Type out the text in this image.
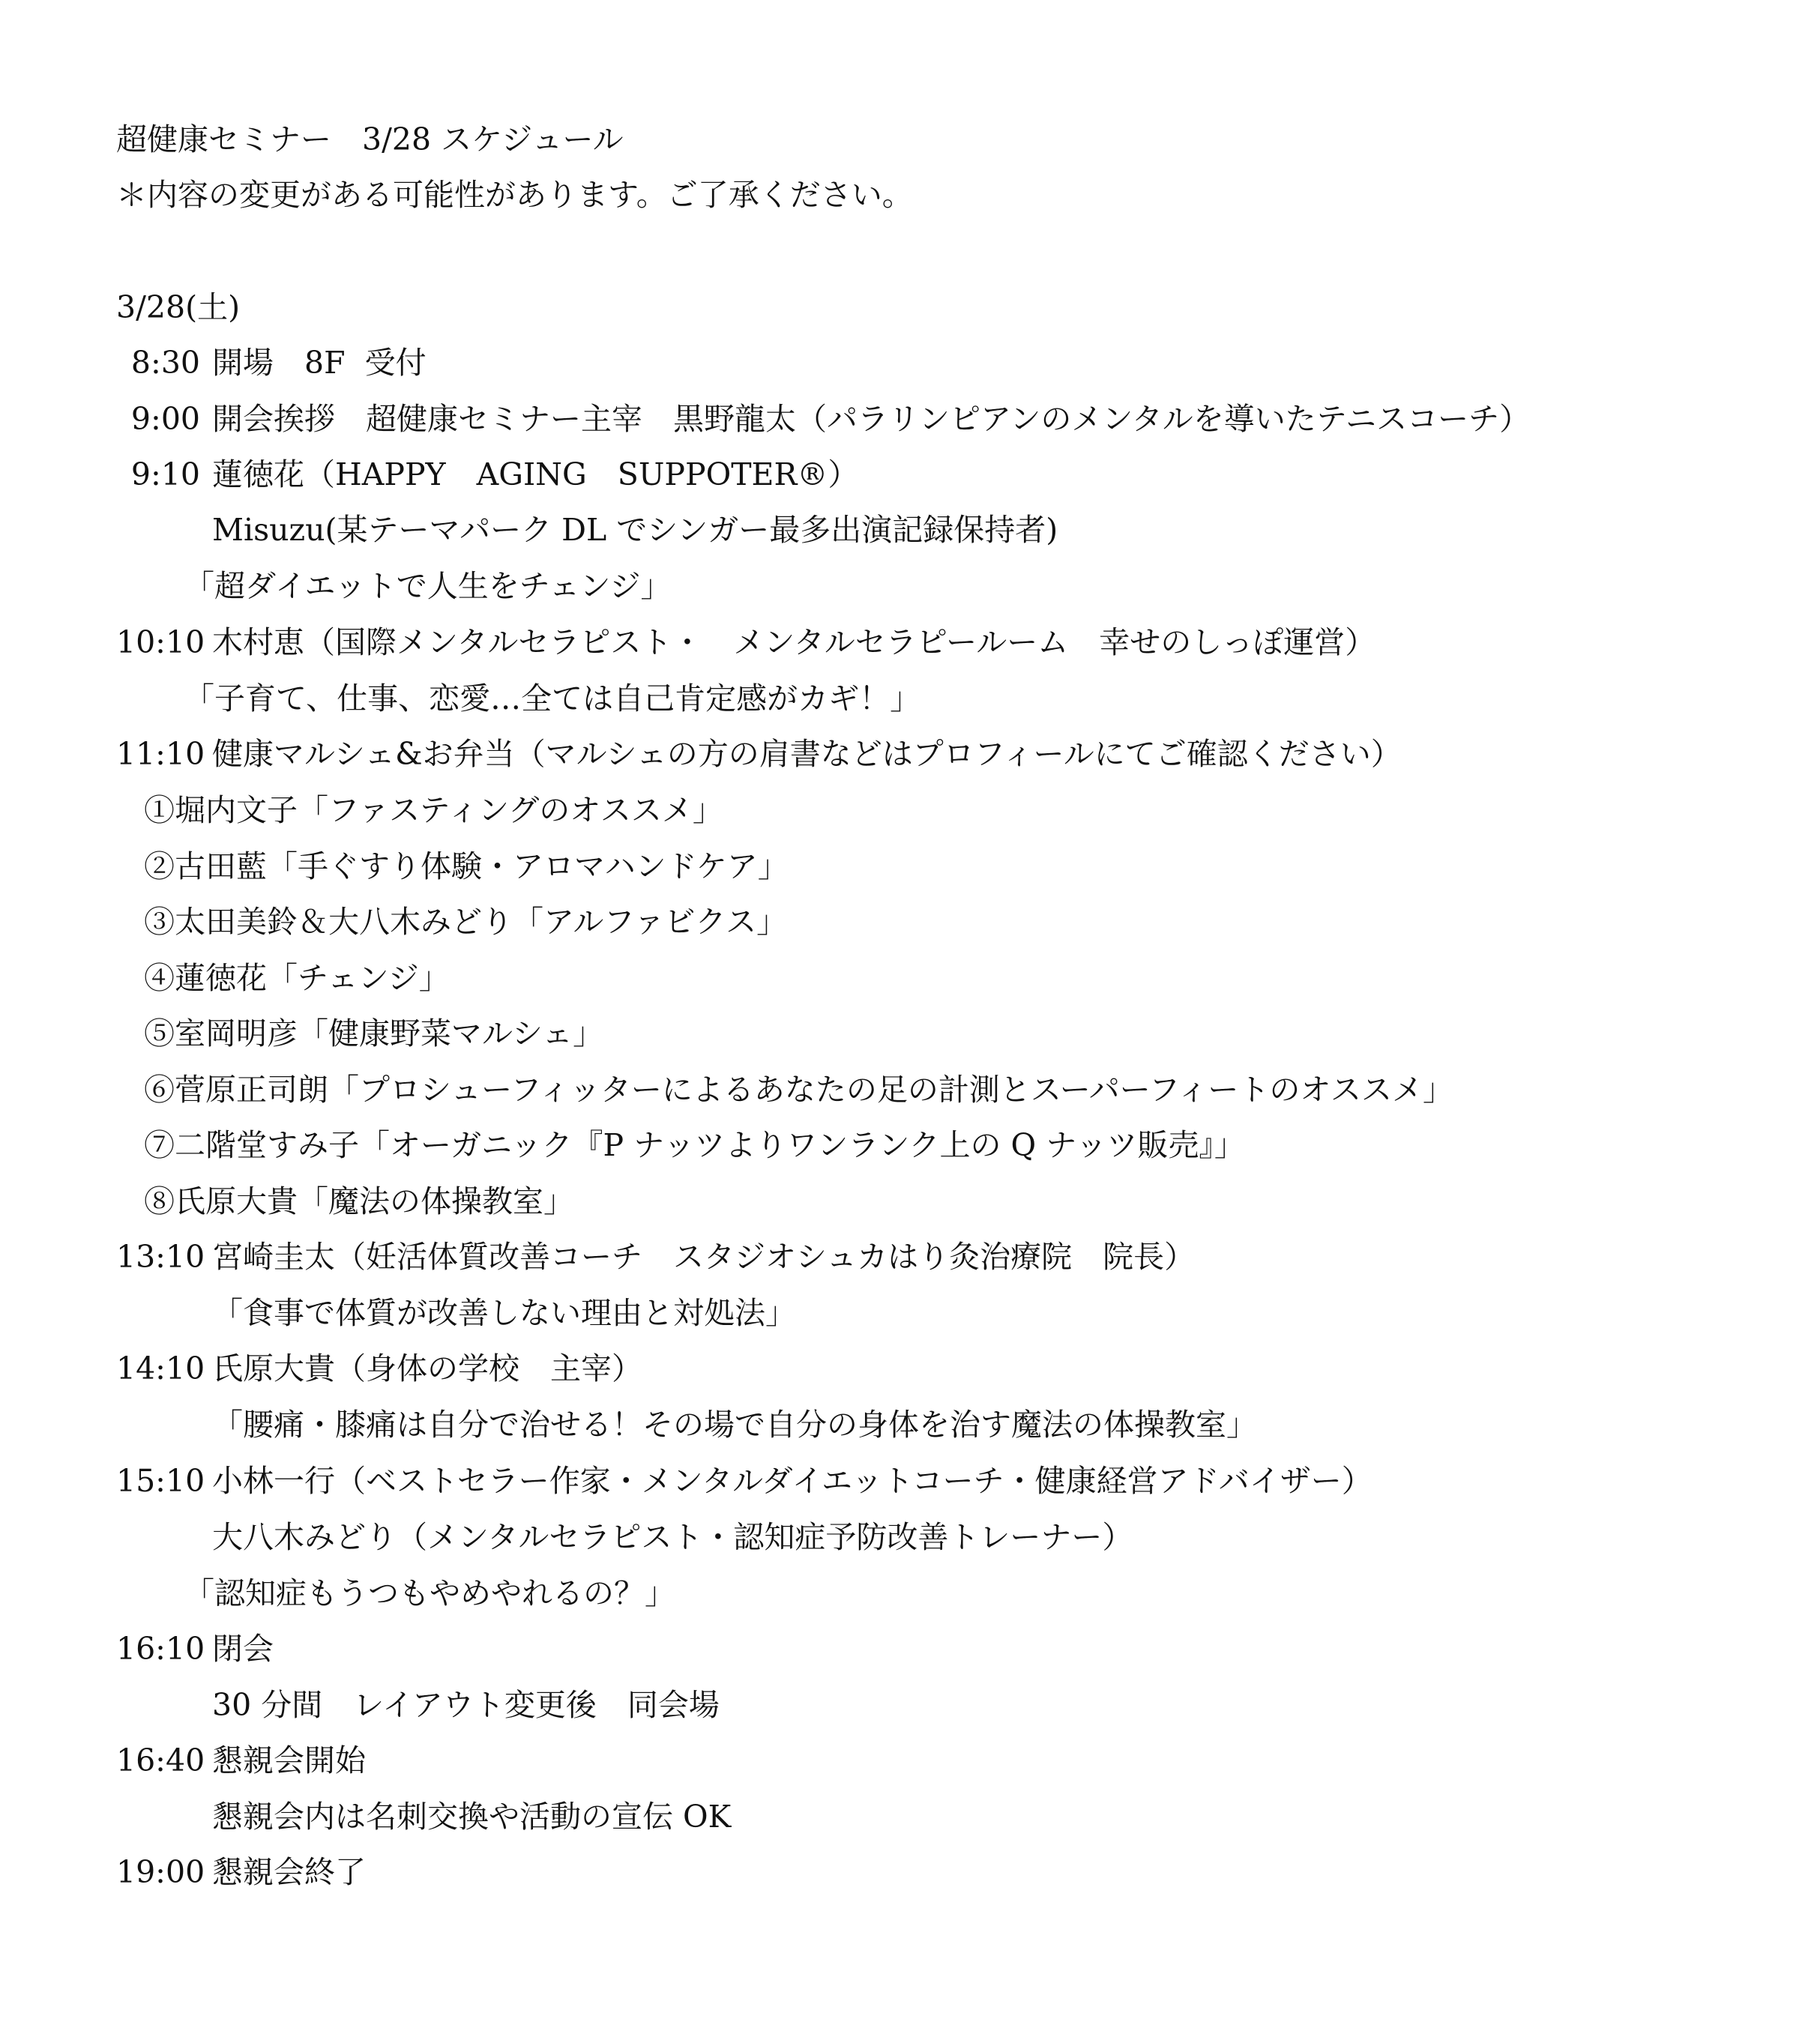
超健康セミナー　3/28 スケジュール
＊内容の変更がある可能性があります。ご了承ください。
3/28(土)
8:30 開場　8F  受付
9:00 開会挨拶　超健康セミナー主宰　黒野龍太（パラリンピアンのメンタルを導いたテニスコーチ）
9:10 蓮徳花（HAPPY　AGING　SUPPOTER®）
Misuzu(某テーマパーク DL でシンガー最多出演記録保持者)
「超ダイエットで人生をチェンジ」
10:10 木村恵（国際メンタルセラピスト・　メンタルセラピールーム　幸せのしっぽ運営）
「子育て、仕事、恋愛…全ては自己肯定感がカギ！」
11:10 健康マルシェ&お弁当（マルシェの方の肩書などはプロフィールにてご確認ください）
①堀内文子「ファスティングのオススメ」
②古田藍「手ぐすり体験・アロマハンドケア」
③太田美鈴＆大八木みどり「アルファビクス」
④蓮徳花「チェンジ」
⑤室岡明彦「健康野菜マルシェ」
⑥菅原正司朗「プロシューフィッターによるあなたの足の計測とスーパーフィートのオススメ」
⑦二階堂すみ子「オーガニック『P ナッツよりワンランク上の Q ナッツ販売』」
⑧氏原大貴「魔法の体操教室」
13:10 宮崎圭太（妊活体質改善コーチ　スタジオシュカはり灸治療院　院長）
「食事で体質が改善しない理由と対処法」
14:10 氏原大貴（身体の学校　主宰）
「腰痛・膝痛は自分で治せる！その場で自分の身体を治す魔法の体操教室」
15:10 小林一行（ベストセラー作家・メンタルダイエットコーチ・健康経営アドバイザー）
大八木みどり（メンタルセラピスト・認知症予防改善トレーナー）
「認知症もうつもやめやれるの？」
16:10 閉会
30 分間　レイアウト変更後　同会場
16:40 懇親会開始
懇親会内は名刺交換や活動の宣伝 OK
19:00 懇親会終了
